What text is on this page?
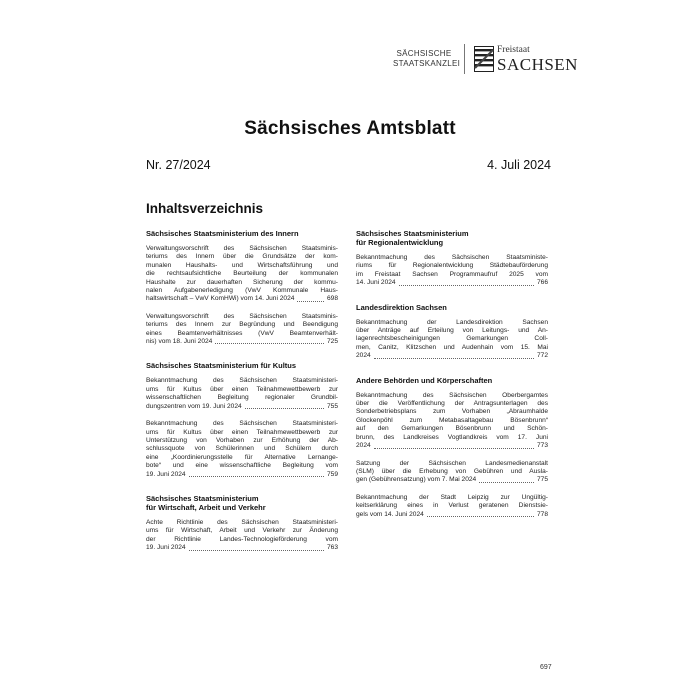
SÄCHSISCHE
STAATSKANZLEI
Freistaat
SACHSEN
Sächsisches Amtsblatt
Nr. 27/2024	4. Juli 2024
Inhaltsverzeichnis
Sächsisches Staatsministerium des Innern
Verwaltungsvorschrift des Sächsischen Staatsminis-
teriums des Innern über die Grundsätze der kom-
munalen Haushalts- und Wirtschaftsführung und
die rechtsaufsichtliche Beurteilung der kommunalen
Haushalte zur dauerhaften Sicherung der kommu-
nalen Aufgabenerledigung (VwV Kommunale Haus-
haltswirtschaft – VwV KomHWi) vom 14. Juni 2024	698
Verwaltungsvorschrift des Sächsischen Staatsminis-
teriums des Innern zur Begründung und Beendigung
eines Beamtenverhältnisses (VwV Beamtenverhält-
nis) vom 18. Juni 2024	725
Sächsisches Staatsministerium für Kultus
Bekanntmachung des Sächsischen Staatsministeri-
ums für Kultus über einen Teilnahmewettbewerb zur
wissenschaftlichen Begleitung regionaler Grundbil-
dungszentren vom 19. Juni 2024	755
Bekanntmachung des Sächsischen Staatsministeri-
ums für Kultus über einen Teilnahmewettbewerb zur
Unterstützung von Vorhaben zur Erhöhung der Ab-
schlussquote von Schülerinnen und Schülern durch
eine „Koordinierungsstelle für Alternative Lernange-
bote“ und eine wissenschaftliche Begleitung vom
19. Juni 2024	759
Sächsisches Staatsministerium
für Wirtschaft, Arbeit und Verkehr
Achte Richtlinie des Sächsischen Staatsministeri-
ums für Wirtschaft, Arbeit und Verkehr zur Änderung
der Richtlinie Landes-Technologieförderung vom
19. Juni 2024	763
Sächsisches Staatsministerium
für Regionalentwicklung
Bekanntmachung des Sächsischen Staatsministe-
riums für Regionalentwicklung Städtebauförderung
im Freistaat Sachsen Programmaufruf 2025 vom
14. Juni 2024	766
Landesdirektion Sachsen
Bekanntmachung der Landesdirektion Sachsen
über Anträge auf Erteilung von Leitungs- und An-
lagenrechtsbescheinigungen Gemarkungen Coll-
men, Canitz, Klitzschen und Audenhain vom 15. Mai
2024	772
Andere Behörden und Körperschaften
Bekanntmachung des Sächsischen Oberbergamtes
über die Veröffentlichung der Antragsunterlagen des
Sonderbetriebsplans zum Vorhaben „Abraumhalde
Glockenpöhl zum Metabasaltagebau Bösenbrunn“
auf den Gemarkungen Bösenbrunn und Schön-
brunn, des Landkreises Vogtlandkreis vom 17. Juni
2024	773
Satzung der Sächsischen Landesmedienanstalt
(SLM) über die Erhebung von Gebühren und Ausla-
gen (Gebührensatzung) vom 7. Mai 2024	775
Bekanntmachung der Stadt Leipzig zur Ungültig-
keitserklärung eines in Verlust geratenen Dienstsie-
gels vom 14. Juni 2024	778
697
